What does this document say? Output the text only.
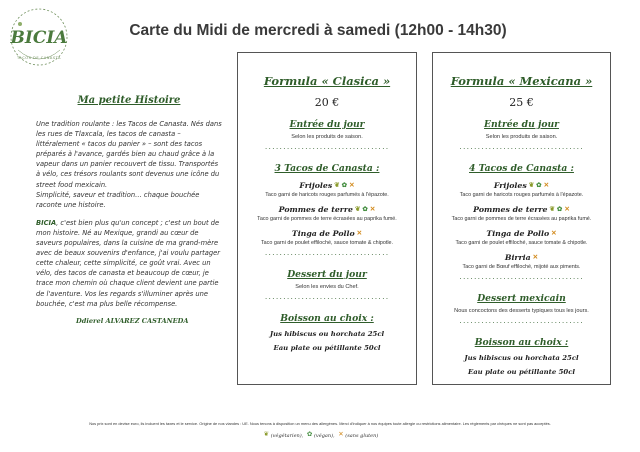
BICIA
TACOS DE CANASTA
Carte du Midi de mercredi à samedi (12h00 - 14h30)
Ma petite Histoire

Une tradition roulante : les Tacos de Canasta. Nés dans les rues de Tlaxcala, les tacos de canasta – littéralement « tacos du panier » – sont des tacos préparés à l'avance, gardés bien au chaud grâce à la vapeur dans un panier recouvert de tissu. Transportés à vélo, ces trésors roulants sont devenus une icône du street food mexicain.
Simplicité, saveur et tradition… chaque bouchée raconte une histoire.

BICIA, c'est bien plus qu'un concept ; c'est un bout de mon histoire. Né au Mexique, grandi au cœur de saveurs populaires, dans la cuisine de ma grand-mère avec de beaux souvenirs d'enfance, j'ai voulu partager cette chaleur, cette simplicité, ce goût vrai. Avec un vélo, des tacos de canasta et beaucoup de cœur, je trace mon chemin où chaque client devient une partie de l'aventure. Vos les regards s'illuminer après une bouchée, c'est ma plus belle récompense.

Ddierel ALVAREZ CASTANEDA
Formula « Clasica »
20 €
Entrée du jour
Selon les produits de saison.
··································
3 Tacos de Canasta :
Frijoles ❦ ✿ ✕
Taco garni de haricots rouges parfumés à l'épazote.
Pommes de terre ❦ ✿ ✕
Taco garni de pommes de terre écrasées au paprika fumé.
Tinga de Pollo ✕
Taco garni de poulet effiloché, sauce tomate & chipotle.
··································
Dessert du jour
Selon les envies du Chef.
··································
Boisson au choix :
Jus hibiscus ou horchata 25cl
Eau plate ou pétillante 50cl
Formula « Mexicana »
25 €
Entrée du jour
Selon les produits de saison.
··································
4 Tacos de Canasta :
Frijoles ❦ ✿ ✕
Taco garni de haricots rouges parfumés à l'épazote.
Pommes de terre ❦ ✿ ✕
Taco garni de pommes de terre écrasées au paprika fumé.
Tinga de Pollo ✕
Taco garni de poulet effiloché, sauce tomate & chipotle.
Birria ✕
Taco garni de Bœuf effiloché, mijoté aux piments.
··································
Dessert mexicain
Nous concoctons des desserts typiques tous les jours.
··································
Boisson au choix :
Jus hibiscus ou horchata 25cl
Eau plate ou pétillante 50cl
Nos prix sont en devise euro, ils incluent les taxes et le service. Origine de nos viandes : UE. Nous tenons à disposition un menu des allergènes. Merci d'indiquer à nos équipes toute allergie ou restrictions alimentaire. Les règlements par chèques ne sont pas acceptés.
❦ (végétarien), ✿ (végan), ✕ (sans gluten)
